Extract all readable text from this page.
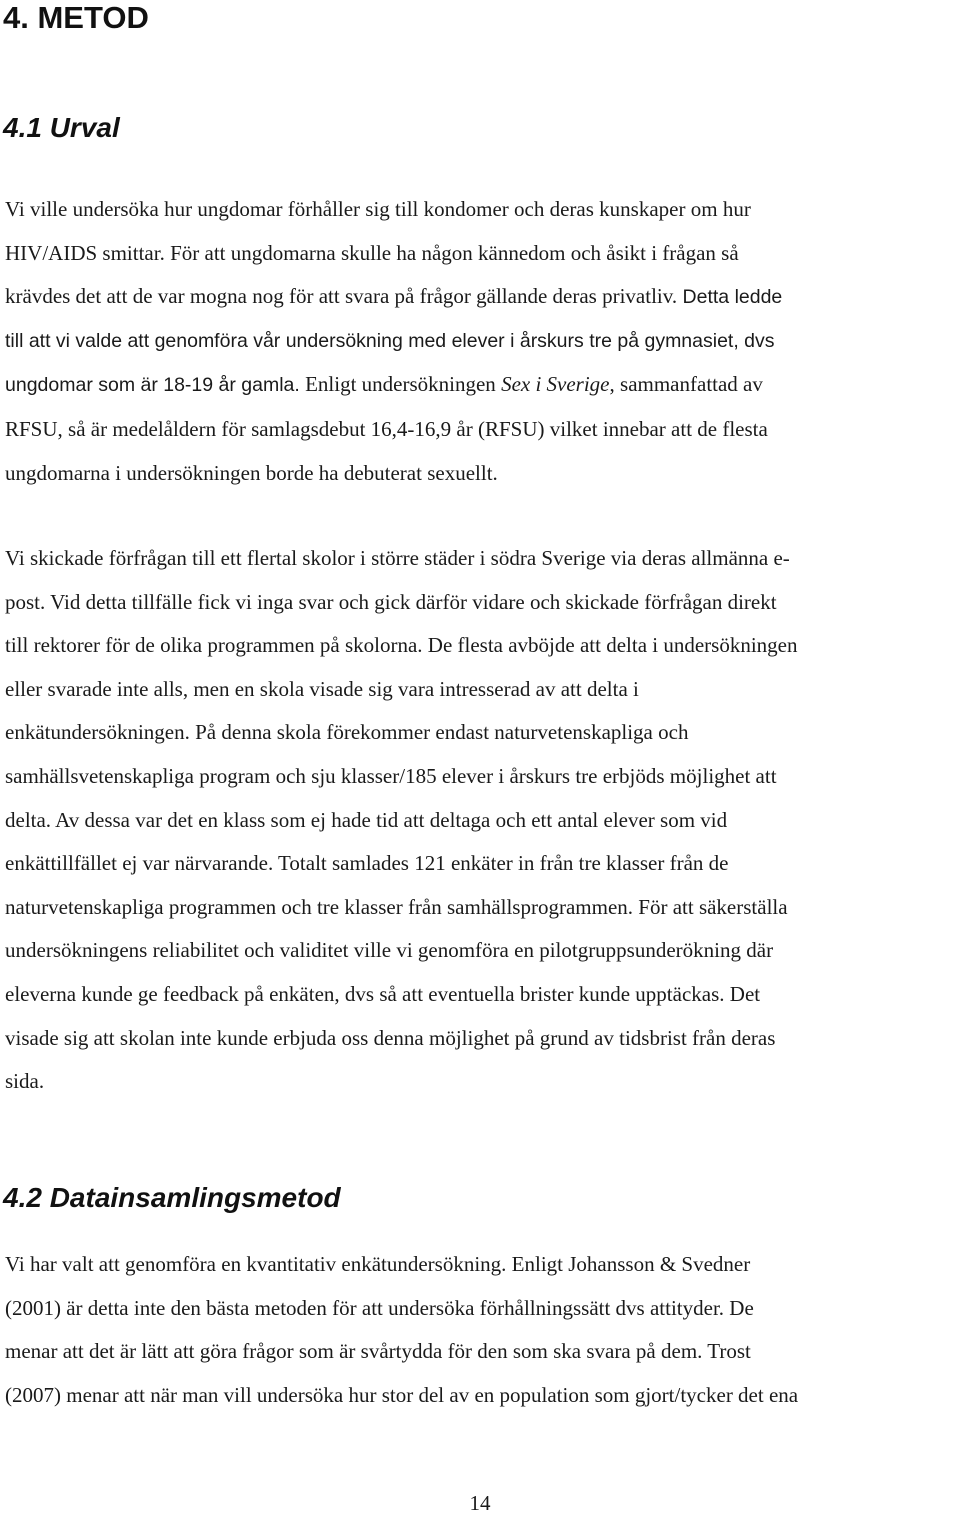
4. METOD
4.1 Urval

Vi ville undersöka hur ungdomar förhåller sig till kondomer och deras kunskaper om hur
HIV/AIDS smittar. För att ungdomarna skulle ha någon kännedom och åsikt i frågan så
krävdes det att de var mogna nog för att svara på frågor gällande deras privatliv. Detta ledde
till att vi valde att genomföra vår undersökning med elever i årskurs tre på gymnasiet, dvs
ungdomar som är 18-19 år gamla. Enligt undersökningen Sex i Sverige, sammanfattad av
RFSU, så är medelåldern för samlagsdebut 16,4-16,9 år (RFSU) vilket innebar att de flesta
ungdomarna i undersökningen borde ha debuterat sexuellt.

Vi skickade förfrågan till ett flertal skolor i större städer i södra Sverige via deras allmänna e-
post. Vid detta tillfälle fick vi inga svar och gick därför vidare och skickade förfrågan direkt
till rektorer för de olika programmen på skolorna. De flesta avböjde att delta i undersökningen
eller svarade inte alls, men en skola visade sig vara intresserad av att delta i
enkätundersökningen. På denna skola förekommer endast naturvetenskapliga och
samhällsvetenskapliga program och sju klasser/185 elever i årskurs tre erbjöds möjlighet att
delta. Av dessa var det en klass som ej hade tid att deltaga och ett antal elever som vid
enkättillfället ej var närvarande. Totalt samlades 121 enkäter in från tre klasser från de
naturvetenskapliga programmen och tre klasser från samhällsprogrammen. För att säkerställa
undersökningens reliabilitet och validitet ville vi genomföra en pilotgruppsunderökning där
eleverna kunde ge feedback på enkäten, dvs så att eventuella brister kunde upptäckas. Det
visade sig att skolan inte kunde erbjuda oss denna möjlighet på grund av tidsbrist från deras
sida.

4.2 Datainsamlingsmetod

Vi har valt att genomföra en kvantitativ enkätundersökning. Enligt Johansson & Svedner
(2001) är detta inte den bästa metoden för att undersöka förhållningssätt dvs attityder. De
menar att det är lätt att göra frågor som är svårtydda för den som ska svara på dem. Trost
(2007) menar att när man vill undersöka hur stor del av en population som gjort/tycker det ena

14
